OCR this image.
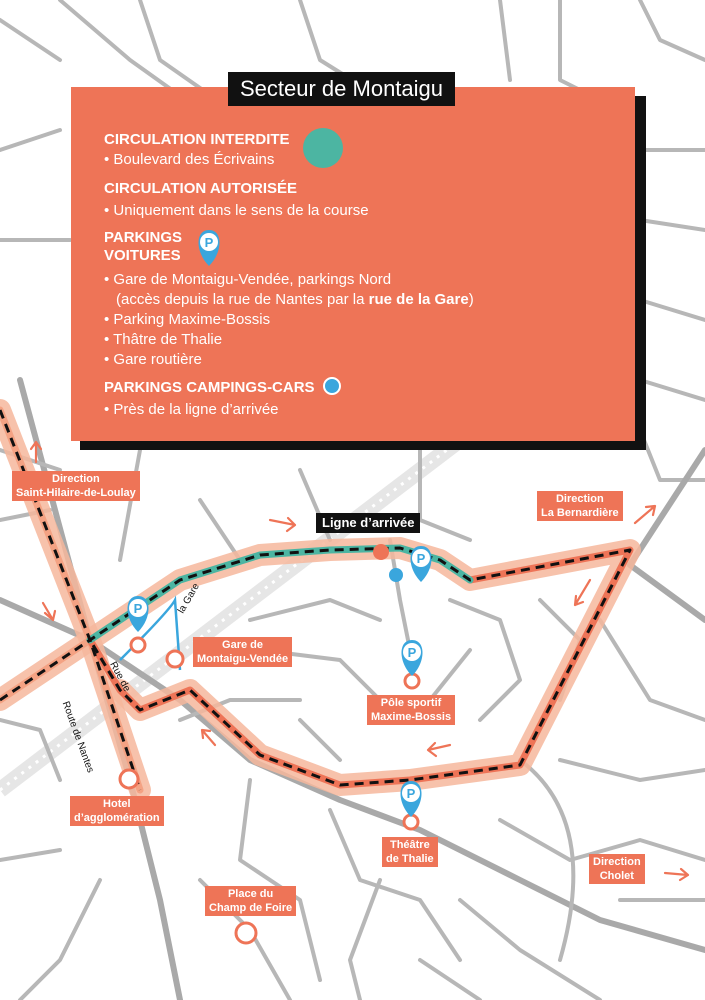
P
P
P
P
Secteur de Montaigu
CIRCULATION INTERDITE
• Boulevard des Écrivains
CIRCULATION AUTORISÉE
• Uniquement dans le sens de la course
PARKINGS
VOITURES
P
• Gare de Montaigu-Vendée, parkings Nord
(accès depuis la rue de Nantes par la rue de la Gare)
• Parking Maxime-Bossis
• Thâtre de Thalie
• Gare routière
PARKINGS CAMPINGS-CARS
• Près de la ligne d’arrivée
Ligne d’arrivée
Direction
Saint-Hilaire-de-Loulay	Direction
La Bernardière
Direction
Cholet
Gare de
Montaigu-Vendée
Pôle sportif
Maxime-Bossis
Hotel
d’agglomération
Théâtre
de Thalie
Place du
Champ de Foire
Route de Nantes
Rue de
la Gare
